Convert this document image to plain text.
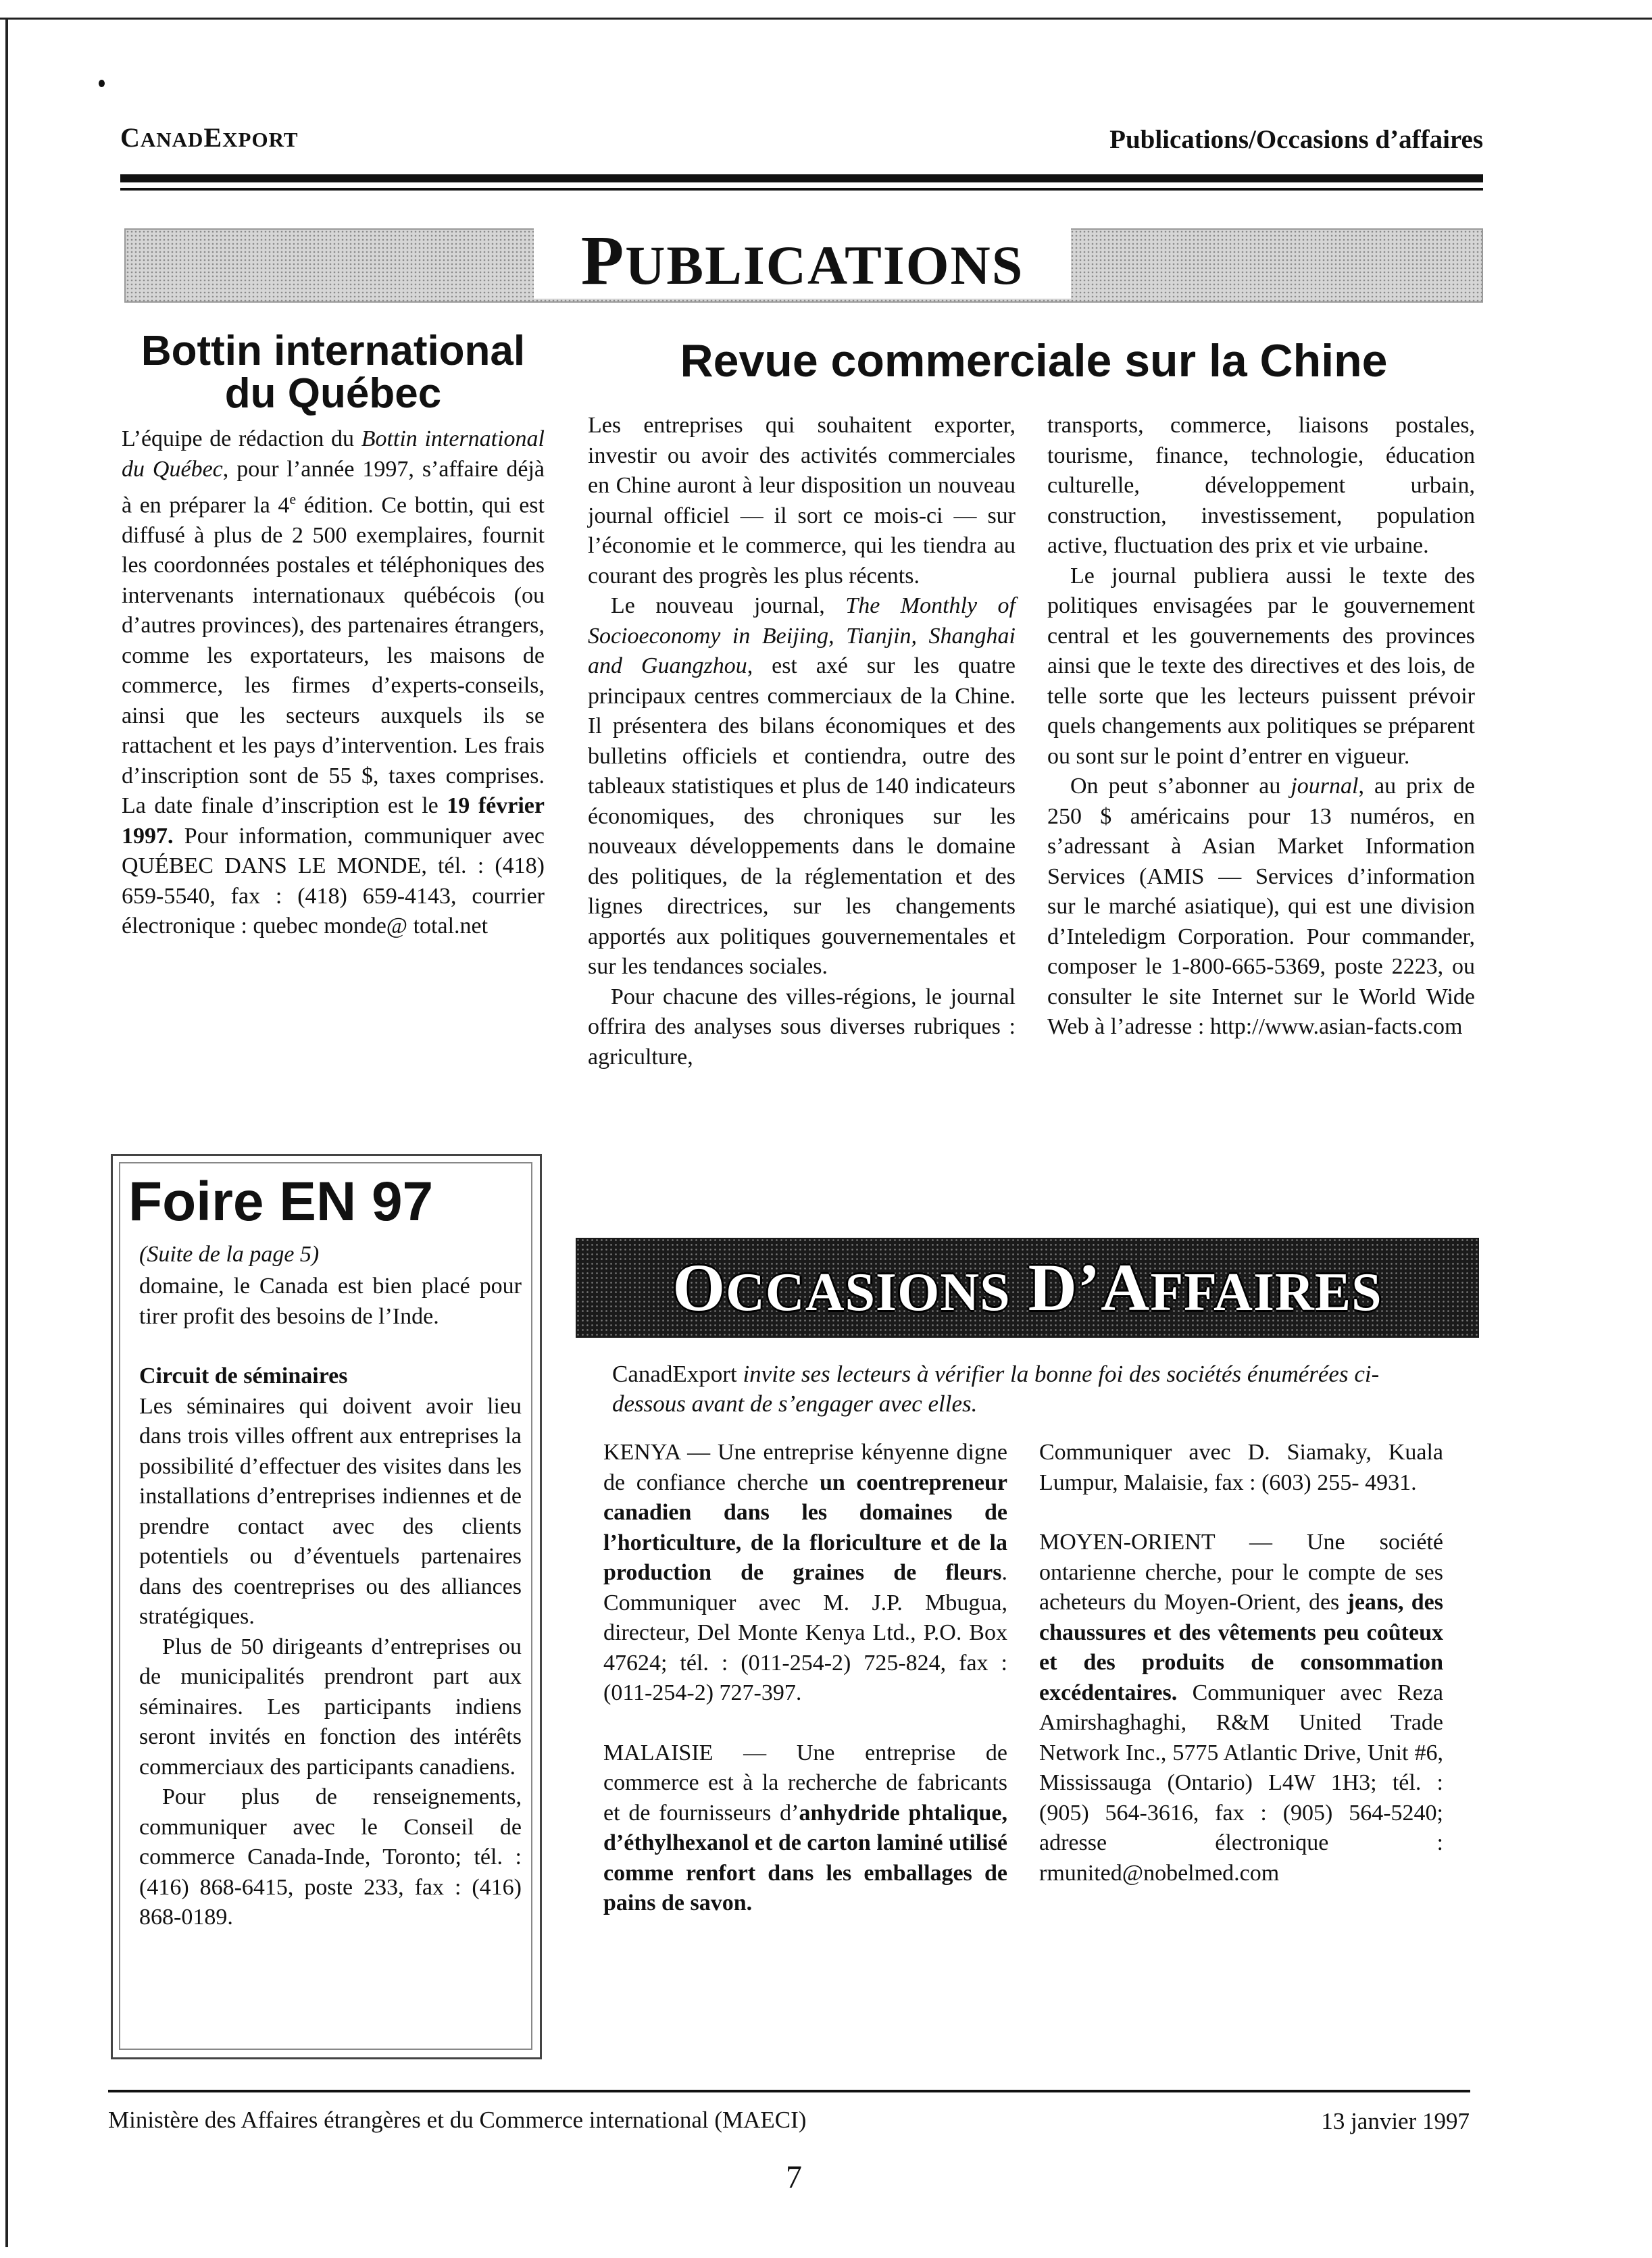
CANADEXPORT	Publications/Occasions d’affaires
PUBLICATIONS
Bottin international
du Québec
Revue commerciale sur la Chine

L’équipe de rédaction du Bottin international du Québec, pour l’année 1997, s’affaire déjà à en préparer la 4e édition. Ce bottin, qui est diffusé à plus de 2 500 exemplaires, fournit les coordonnées postales et téléphoniques des intervenants internationaux québécois (ou d’autres provinces), des partenaires étrangers, comme les exportateurs, les maisons de commerce, les firmes d’experts-conseils, ainsi que les secteurs auxquels ils se rattachent et les pays d’intervention. Les frais d’inscription sont de 55 $, taxes comprises. La date finale d’inscription est le 19 février 1997. Pour information, communiquer avec QUÉBEC DANS LE MONDE, tél. : (418) 659-5540, fax : (418) 659-4143, courrier électronique : quebec monde@ total.net

Les entreprises qui souhaitent exporter, investir ou avoir des activités commerciales en Chine auront à leur disposition un nouveau journal officiel — il sort ce mois-ci — sur l’économie et le commerce, qui les tiendra au courant des progrès les plus récents.

Le nouveau journal, The Monthly of Socioeconomy in Beijing, Tianjin, Shanghai and Guangzhou, est axé sur les quatre principaux centres commerciaux de la Chine. Il présentera des bilans économiques et des bulletins officiels et contiendra, outre des tableaux statistiques et plus de 140 indicateurs économiques, des chroniques sur les nouveaux développements dans le domaine des politiques, de la réglementation et des lignes directrices, sur les changements apportés aux politiques gouvernementales et sur les tendances sociales.

Pour chacune des villes-régions, le journal offrira des analyses sous diverses rubriques : agriculture,

transports, commerce, liaisons postales, tourisme, finance, technologie, éducation culturelle, développement urbain, construction, investissement, population active, fluctuation des prix et vie urbaine.

Le journal publiera aussi le texte des politiques envisagées par le gouvernement central et les gouvernements des provinces ainsi que le texte des directives et des lois, de telle sorte que les lecteurs puissent prévoir quels changements aux politiques se préparent ou sont sur le point d’entrer en vigueur.

On peut s’abonner au journal, au prix de 250 $ américains pour 13 numéros, en s’adressant à Asian Market Information Services (AMIS — Services d’information sur le marché asiatique), qui est une division d’Inteledigm Corporation. Pour commander, composer le 1-800-665-5369, poste 2223, ou consulter le site Internet sur le World Wide Web à l’adresse : http://www.asian-facts.com

Foire EN 97
(Suite de la page 5)

domaine, le Canada est bien placé pour tirer profit des besoins de l’Inde.

Circuit de séminaires

Les séminaires qui doivent avoir lieu dans trois villes offrent aux entreprises la possibilité d’effectuer des visites dans les installations d’entreprises indiennes et de prendre contact avec des clients potentiels ou d’éventuels partenaires dans des coentreprises ou des alliances stratégiques.

Plus de 50 dirigeants d’entreprises ou de municipalités prendront part aux séminaires. Les participants indiens seront invités en fonction des intérêts commerciaux des participants canadiens.

Pour plus de renseignements, communiquer avec le Conseil de commerce Canada-Inde, Toronto; tél. : (416) 868-6415, poste 233, fax : (416) 868-0189.

OCCASIONS D’AFFAIRES
CanadExport invite ses lecteurs à vérifier la bonne foi des sociétés énumérées ci-dessous avant de s’engager avec elles.

KENYA — Une entreprise kényenne digne de confiance cherche un coentrepreneur canadien dans les domaines de l’horticulture, de la floriculture et de la production de graines de fleurs. Communiquer avec M. J.P. Mbugua, directeur, Del Monte Kenya Ltd., P.O. Box 47624; tél. : (011-254-2) 725-824, fax : (011-254-2) 727-397.

MALAISIE — Une entreprise de commerce est à la recherche de fabricants et de fournisseurs d’anhydride phtalique, d’éthylhexanol et de carton laminé utilisé comme renfort dans les emballages de pains de savon.

Communiquer avec D. Siamaky, Kuala Lumpur, Malaisie, fax : (603) 255- 4931.

MOYEN-ORIENT — Une société ontarienne cherche, pour le compte de ses acheteurs du Moyen-Orient, des jeans, des chaussures et des vêtements peu coûteux et des produits de consommation excédentaires. Communiquer avec Reza Amirshaghaghi, R&M United Trade Network Inc., 5775 Atlantic Drive, Unit #6, Mississauga (Ontario) L4W 1H3; tél. : (905) 564-3616, fax : (905) 564-5240; adresse électronique : rmunited@nobelmed.com

Ministère des Affaires étrangères et du Commerce international (MAECI)	13 janvier 1997
7
